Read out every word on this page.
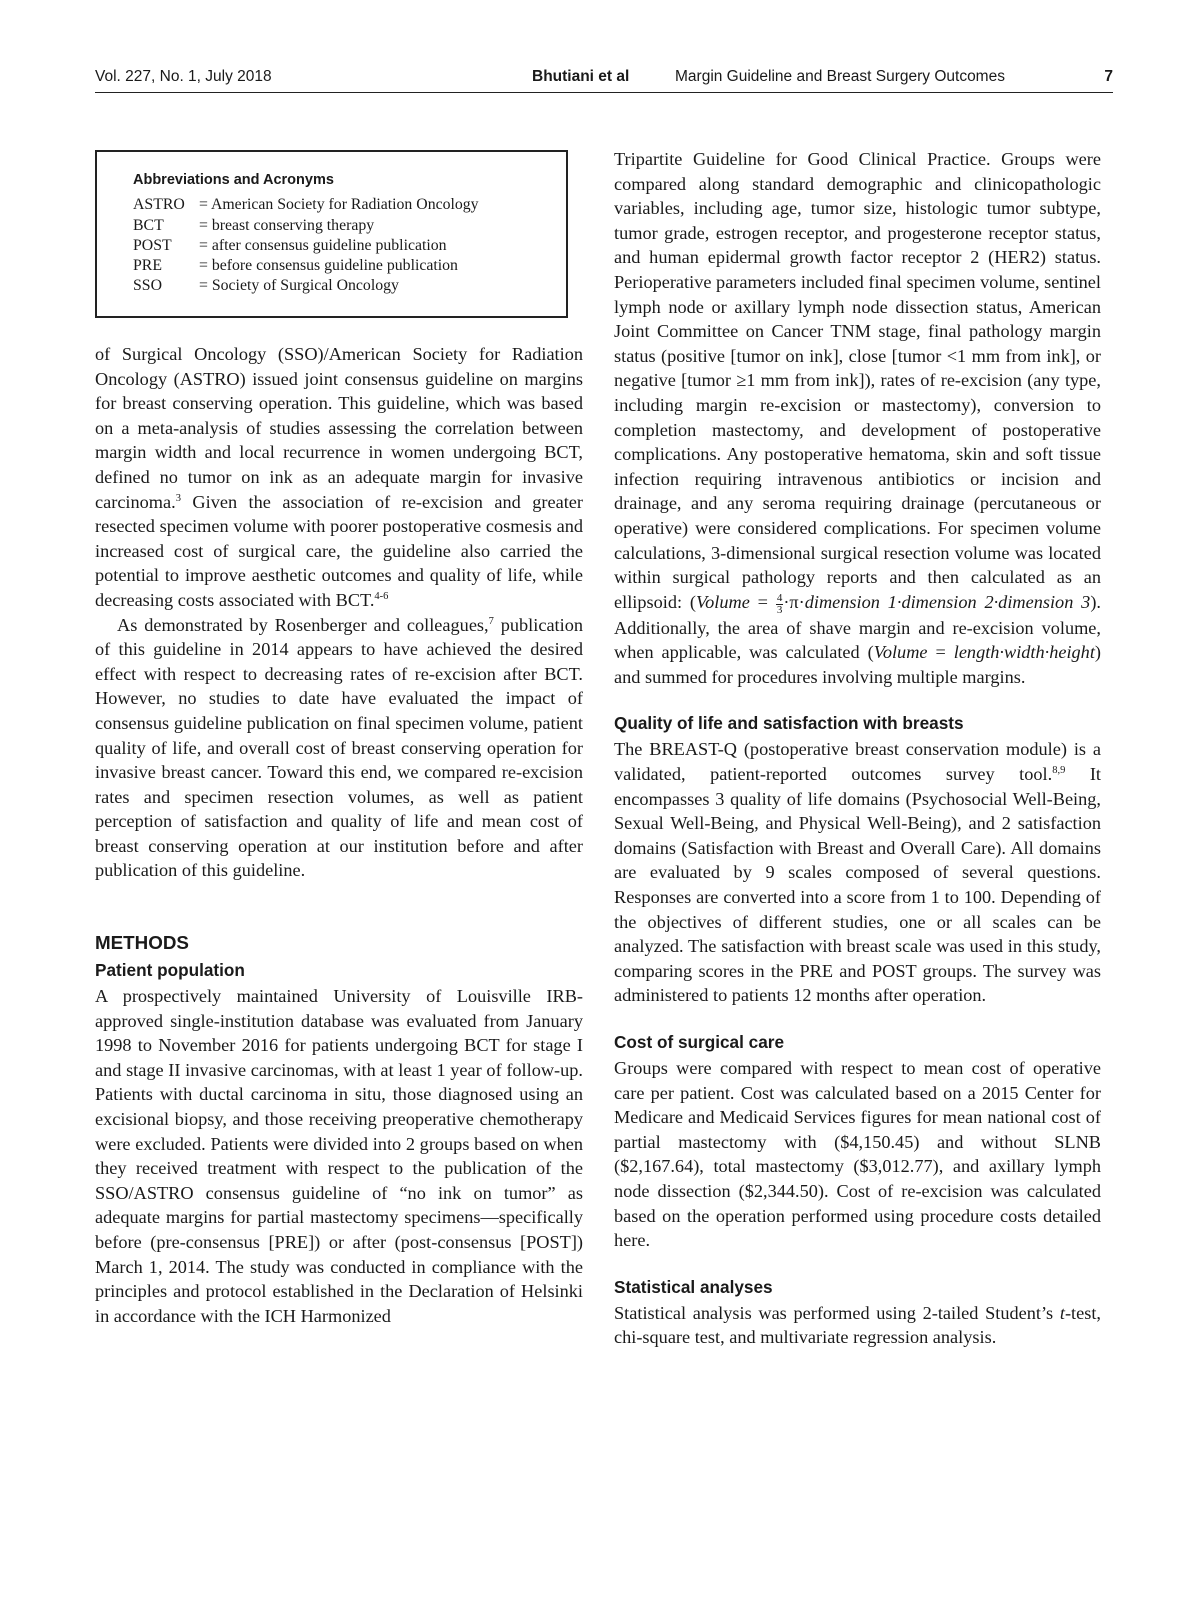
Vol. 227, No. 1, July 2018	Bhutiani et al	Margin Guideline and Breast Surgery Outcomes	7
Abbreviations and Acronyms
ASTRO = American Society for Radiation Oncology
BCT = breast conserving therapy
POST = after consensus guideline publication
PRE = before consensus guideline publication
SSO = Society of Surgical Oncology

of Surgical Oncology (SSO)/American Society for Radiation Oncology (ASTRO) issued joint consensus guideline on margins for breast conserving operation. This guideline, which was based on a meta-analysis of studies assessing the correlation between margin width and local recurrence in women undergoing BCT, defined no tumor on ink as an adequate margin for invasive carcinoma.$^3$ Given the association of re-excision and greater resected specimen volume with poorer postoperative cosmesis and increased cost of surgical care, the guideline also carried the potential to improve aesthetic outcomes and quality of life, while decreasing costs associated with BCT.$^{4-6}$

As demonstrated by Rosenberger and colleagues,$^7$ publication of this guideline in 2014 appears to have achieved the desired effect with respect to decreasing rates of re-excision after BCT. However, no studies to date have evaluated the impact of consensus guideline publication on final specimen volume, patient quality of life, and overall cost of breast conserving operation for invasive breast cancer. Toward this end, we compared re-excision rates and specimen resection volumes, as well as patient perception of satisfaction and quality of life and mean cost of breast conserving operation at our institution before and after publication of this guideline.

METHODS
Patient population

A prospectively maintained University of Louisville IRB-approved single-institution database was evaluated from January 1998 to November 2016 for patients undergoing BCT for stage I and stage II invasive carcinomas, with at least 1 year of follow-up. Patients with ductal carcinoma in situ, those diagnosed using an excisional biopsy, and those receiving preoperative chemotherapy were excluded. Patients were divided into 2 groups based on when they received treatment with respect to the publication of the SSO/ASTRO consensus guideline of “no ink on tumor” as adequate margins for partial mastectomy specimens—specifically before (pre-consensus [PRE]) or after (post-consensus [POST]) March 1, 2014. The study was conducted in compliance with the principles and protocol established in the Declaration of Helsinki in accordance with the ICH Harmonized

Tripartite Guideline for Good Clinical Practice. Groups were compared along standard demographic and clinicopathologic variables, including age, tumor size, histologic tumor subtype, tumor grade, estrogen receptor, and progesterone receptor status, and human epidermal growth factor receptor 2 (HER2) status. Perioperative parameters included final specimen volume, sentinel lymph node or axillary lymph node dissection status, American Joint Committee on Cancer TNM stage, final pathology margin status (positive [tumor on ink], close [tumor <1 mm from ink], or negative [tumor ≥1 mm from ink]), rates of re-excision (any type, including margin re-excision or mastectomy), conversion to completion mastectomy, and development of postoperative complications. Any postoperative hematoma, skin and soft tissue infection requiring intravenous antibiotics or incision and drainage, and any seroma requiring drainage (percutaneous or operative) were considered complications. For specimen volume calculations, 3-dimensional surgical resection volume was located within surgical pathology reports and then calculated as an ellipsoid: (Volume = $\frac{4}{3}$ ·π·dimension 1·dimension 2·dimension 3). Additionally, the area of shave margin and re-excision volume, when applicable, was calculated (Volume = length·width·height) and summed for procedures involving multiple margins.

Quality of life and satisfaction with breasts

The BREAST-Q (postoperative breast conservation module) is a validated, patient-reported outcomes survey tool.$^{8,9}$ It encompasses 3 quality of life domains (Psychosocial Well-Being, Sexual Well-Being, and Physical Well-Being), and 2 satisfaction domains (Satisfaction with Breast and Overall Care). All domains are evaluated by 9 scales composed of several questions. Responses are converted into a score from 1 to 100. Depending of the objectives of different studies, one or all scales can be analyzed. The satisfaction with breast scale was used in this study, comparing scores in the PRE and POST groups. The survey was administered to patients 12 months after operation.

Cost of surgical care

Groups were compared with respect to mean cost of operative care per patient. Cost was calculated based on a 2015 Center for Medicare and Medicaid Services figures for mean national cost of partial mastectomy with ($4,150.45) and without SLNB ($2,167.64), total mastectomy ($3,012.77), and axillary lymph node dissection ($2,344.50). Cost of re-excision was calculated based on the operation performed using procedure costs detailed here.

Statistical analyses

Statistical analysis was performed using 2-tailed Student’s t-test, chi-square test, and multivariate regression analysis.
